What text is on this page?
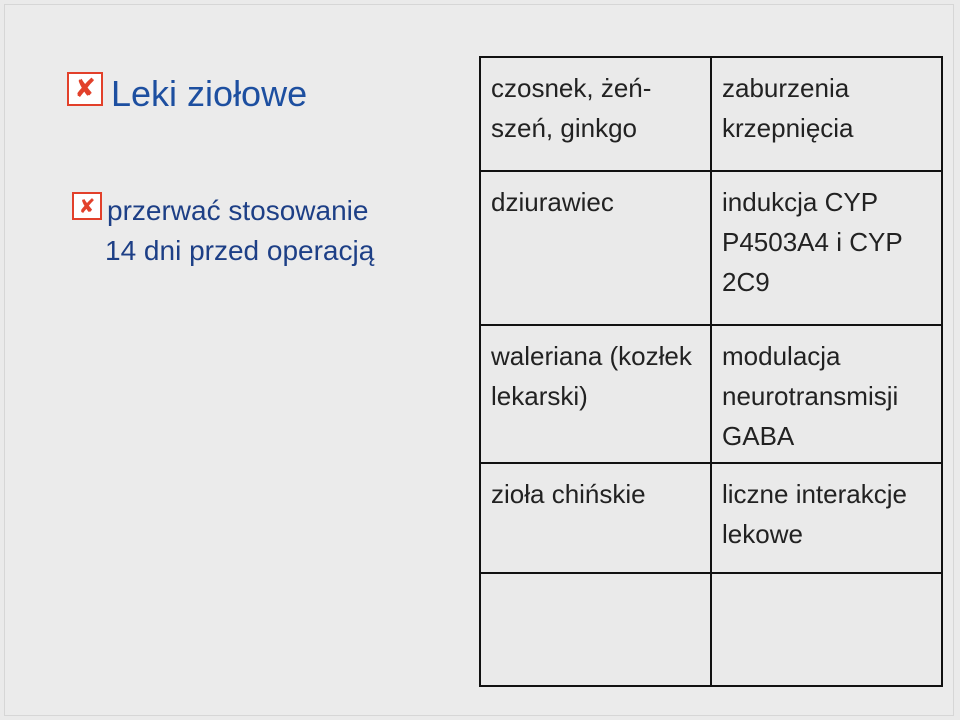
✘ Leki ziołowe
✘ przerwać stosowanie
14 dni przed operacją
czosnek, żeń-szeń, ginkgo	zaburzenia krzepnięcia
dziurawiec	indukcja CYP P4503A4 i CYP 2C9
waleriana (kozłek lekarski)	modulacja neurotransmisji GABA
zioła chińskie	liczne interakcje lekowe
